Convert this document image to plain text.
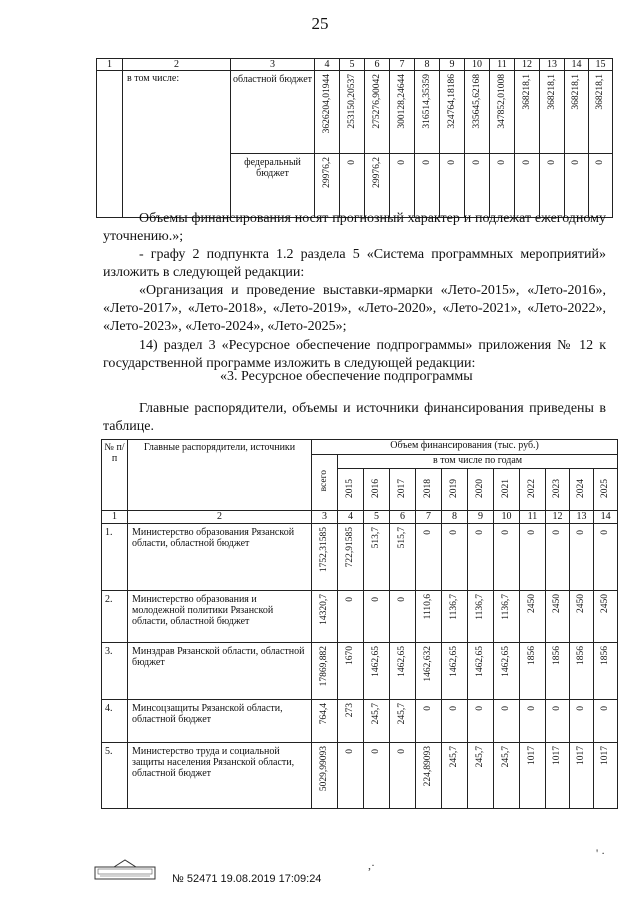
25
1	2	3	4	5	6	7	8	9	10	11	12	13	14	15
	в том числе:	областной бюджет	3626204,01944	253150,20537	275276,90042	300128,24644	316514,35359	324764,18186	335645,62168	347852,01008	368218,1	368218,1	368218,1	368218,1
		федеральный бюджет	29976,2	0	29976,2	0	0	0	0	0	0	0	0	0
Объемы финансирования носят прогнозный характер и подлежат ежегодному уточнению.»;
- графу 2 подпункта 1.2 раздела 5 «Система программных мероприятий» изложить в следующей редакции:
«Организация и проведение выставки-ярмарки «Лето-2015», «Лето-2016», «Лето-2017», «Лето-2018», «Лето-2019», «Лето-2020», «Лето-2021», «Лето-2022», «Лето-2023», «Лето-2024», «Лето-2025»;
14) раздел 3 «Ресурсное обеспечение подпрограммы» приложения № 12 к государственной программе изложить в следующей редакции:
«3. Ресурсное обеспечение подпрограммы
Главные распорядители, объемы и источники финансирования приведены в таблице.
№ п/п	Главные распорядители, источники	Объем финансирования (тыс. руб.)											
		всего	в том числе по годам										
			2015	2016	2017	2018	2019	2020	2021	2022	2023	2024	2025
1	2	3	4	5	6	7	8	9	10	11	12	13	14
1.	Министерство образования Рязанской области, областной бюджет	1752,31585	722,91585	513,7	515,7	0	0	0	0	0	0	0	0
2.	Министерство образования и молодежной политики Рязанской области, областной бюджет	14320,7	0	0	0	1110,6	1136,7	1136,7	1136,7	2450	2450	2450	2450
3.	Минздрав Рязанской области, областной бюджет	17869,882	1670	1462,65	1462,65	1462,632	1462,65	1462,65	1462,65	1856	1856	1856	1856
4.	Минсоцзащиты Рязанской области, областной бюджет	764,4	273	245,7	245,7	0	0	0	0	0	0	0	0
5.	Министерство труда и социальной защиты населения Рязанской области, областной бюджет	5029,99093	0	0	0	224,89093	245,7	245,7	245,7	1017	1017	1017	1017
№ 52471 19.08.2019 17:09:24
,·
' ·
